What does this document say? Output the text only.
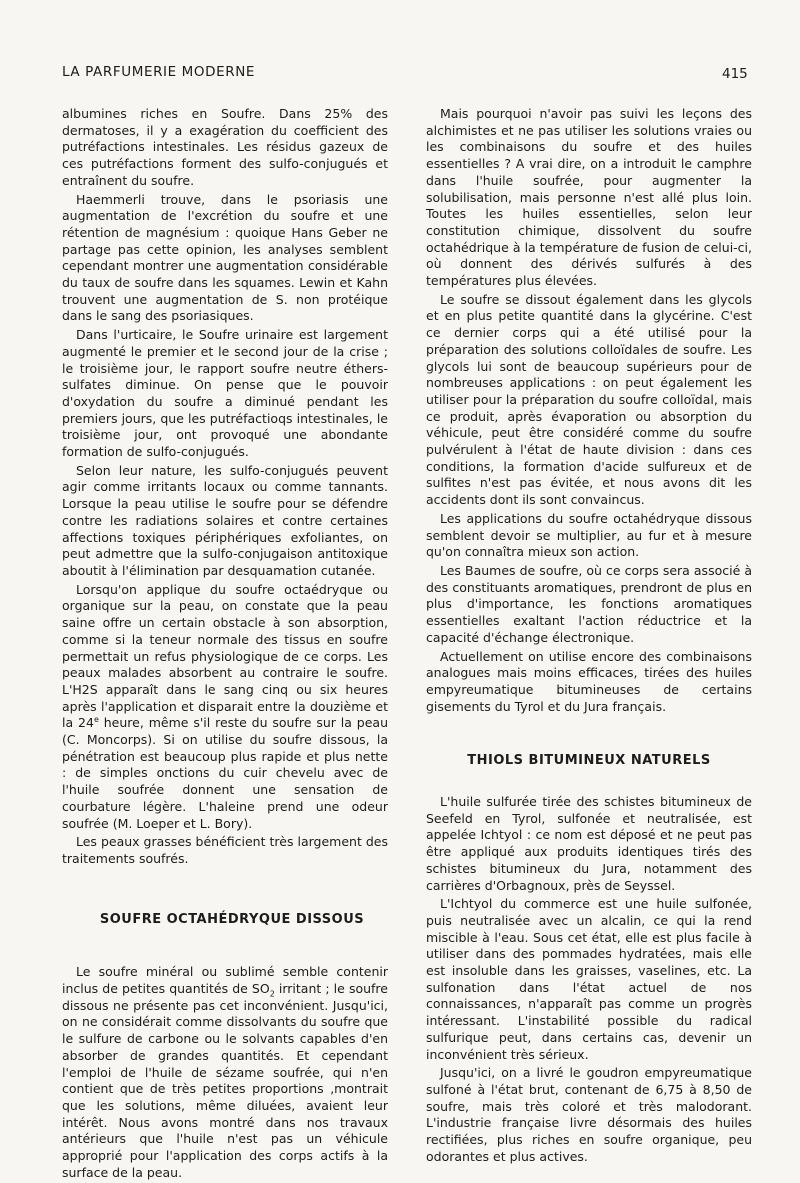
LA PARFUMERIE MODERNE	415

albumines riches en Soufre. Dans 25% des dermatoses, il y a exagération du coefficient des putréfactions intestinales. Les résidus gazeux de ces putréfactions forment des sulfo-conjugués et entraînent du soufre.

Haemmerli trouve, dans le psoriasis une augmentation de l'excrétion du soufre et une rétention de magnésium : quoique Hans Geber ne partage pas cette opinion, les analyses semblent cependant montrer une augmentation considérable du taux de soufre dans les squames. Lewin et Kahn trouvent une augmentation de S. non protéique dans le sang des psoriasiques.

Dans l'urticaire, le Soufre urinaire est largement augmenté le premier et le second jour de la crise ; le troisième jour, le rapport soufre neutre éthers-sulfates diminue. On pense que le pouvoir d'oxydation du soufre a diminué pendant les premiers jours, que les putréfactioqs intestinales, le troisième jour, ont provoqué une abondante formation de sulfo-conjugués.

Selon leur nature, les sulfo-conjugués peuvent agir comme irritants locaux ou comme tannants. Lorsque la peau utilise le soufre pour se défendre contre les radiations solaires et contre certaines affections toxiques périphériques exfoliantes, on peut admettre que la sulfo-conjugaison antitoxique aboutit à l'élimination par desquamation cutanée.

Lorsqu'on applique du soufre octaédryque ou organique sur la peau, on constate que la peau saine offre un certain obstacle à son absorption, comme si la teneur normale des tissus en soufre permettait un refus physiologique de ce corps. Les peaux malades absorbent au contraire le soufre. L'H2S apparaît dans le sang cinq ou six heures après l'application et disparait entre la douzième et la 24e heure, même s'il reste du soufre sur la peau (C. Moncorps). Si on utilise du soufre dissous, la pénétration est beaucoup plus rapide et plus nette : de simples onctions du cuir chevelu avec de l'huile soufrée donnent une sensation de courbature légère. L'haleine prend une odeur soufrée (M. Loeper et L. Bory).

Les peaux grasses bénéficient très largement des traitements soufrés.

SOUFRE OCTAHÉDRYQUE DISSOUS

Le soufre minéral ou sublimé semble contenir inclus de petites quantités de $SO_2$ irritant ; le soufre dissous ne présente pas cet inconvénient. Jusqu'ici, on ne considérait comme dissolvants du soufre que le sulfure de carbone ou le solvants capables d'en absorber de grandes quantités. Et cependant l'emploi de l'huile de sézame soufrée, qui n'en contient que de très petites proportions ,montrait que les solutions, même diluées, avaient leur intérêt. Nous avons montré dans nos travaux antérieurs que l'huile n'est pas un véhicule approprié pour l'application des corps actifs à la surface de la peau.

Mais pourquoi n'avoir pas suivi les leçons des alchimistes et ne pas utiliser les solutions vraies ou les combinaisons du soufre et des huiles essentielles ? A vrai dire, on a introduit le camphre dans l'huile soufrée, pour augmenter la solubilisation, mais personne n'est allé plus loin. Toutes les huiles essentielles, selon leur constitution chimique, dissolvent du soufre octahédrique à la température de fusion de celui-ci, où donnent des dérivés sulfurés à des températures plus élevées.

Le soufre se dissout également dans les glycols et en plus petite quantité dans la glycérine. C'est ce dernier corps qui a été utilisé pour la préparation des solutions colloïdales de soufre. Les glycols lui sont de beaucoup supérieurs pour de nombreuses applications : on peut également les utiliser pour la préparation du soufre colloïdal, mais ce produit, après évaporation ou absorption du véhicule, peut être considéré comme du soufre pulvérulent à l'état de haute division : dans ces conditions, la formation d'acide sulfureux et de sulfites n'est pas évitée, et nous avons dit les accidents dont ils sont convaincus.

Les applications du soufre octahédryque dissous semblent devoir se multiplier, au fur et à mesure qu'on connaîtra mieux son action.

Les Baumes de soufre, où ce corps sera associé à des constituants aromatiques, prendront de plus en plus d'importance, les fonctions aromatiques essentielles exaltant l'action réductrice et la capacité d'échange électronique.

Actuellement on utilise encore des combinaisons analogues mais moins efficaces, tirées des huiles empyreumatique bitumineuses de certains gisements du Tyrol et du Jura français.

THIOLS BITUMINEUX NATURELS

L'huile sulfurée tirée des schistes bitumineux de Seefeld en Tyrol, sulfonée et neutralisée, est appelée Ichtyol : ce nom est déposé et ne peut pas être appliqué aux produits identiques tirés des schistes bitumineux du Jura, notamment des carrières d'Orbagnoux, près de Seyssel.

L'Ichtyol du commerce est une huile sulfonée, puis neutralisée avec un alcalin, ce qui la rend miscible à l'eau. Sous cet état, elle est plus facile à utiliser dans des pommades hydratées, mais elle est insoluble dans les graisses, vaselines, etc. La sulfonation dans l'état actuel de nos connaissances, n'apparaît pas comme un progrès intéressant. L'instabilité possible du radical sulfurique peut, dans certains cas, devenir un inconvénient très sérieux.

Jusqu'ici, on a livré le goudron empyreumatique sulfoné à l'état brut, contenant de 6,75 à 8,50 de soufre, mais très coloré et très malodorant. L'industrie française livre désormais des huiles rectifiées, plus riches en soufre organique, peu odorantes et plus actives.
